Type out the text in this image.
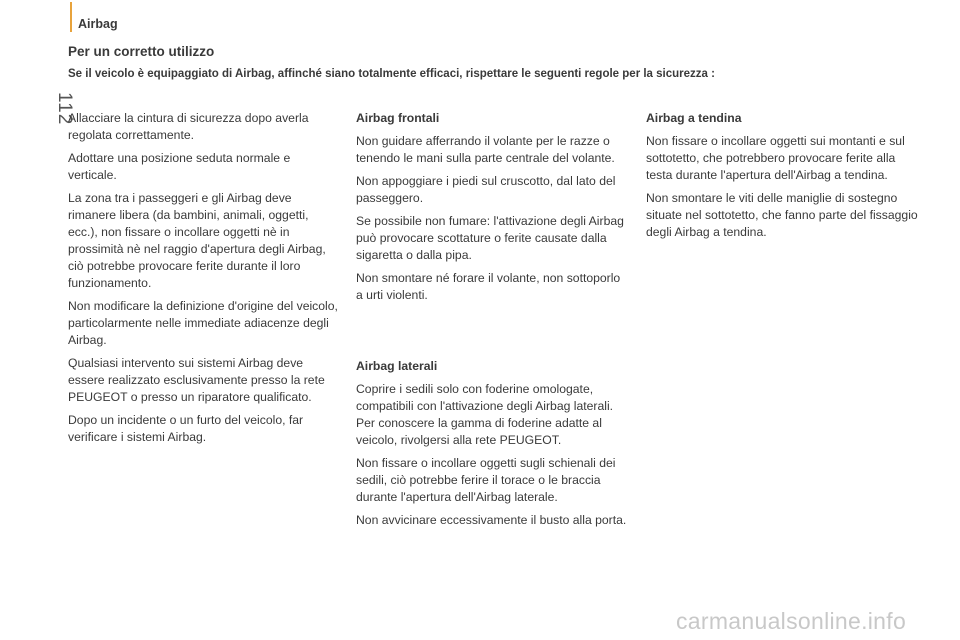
Airbag
112
Per un corretto utilizzo
Se il veicolo è equipaggiato di Airbag, affinché siano totalmente efficaci, rispettare le seguenti regole per la sicurezza :

Allacciare la cintura di sicurezza dopo averla regolata correttamente.

Adottare una posizione seduta normale e verticale.

La zona tra i passeggeri e gli Airbag deve rimanere libera (da bambini, animali, oggetti, ecc.), non fissare o incollare oggetti nè in prossimità nè nel raggio d'apertura degli Airbag, ciò potrebbe provocare ferite durante il loro funzionamento.

Non modificare la definizione d'origine del veicolo, particolarmente nelle immediate adiacenze degli Airbag.

Qualsiasi intervento sui sistemi Airbag deve essere realizzato esclusivamente presso la rete PEUGEOT o presso un riparatore qualificato.

Dopo un incidente o un furto del veicolo, far verificare i sistemi Airbag.

Airbag frontali

Non guidare afferrando il volante per le razze o tenendo le mani sulla parte centrale del volante.

Non appoggiare i piedi sul cruscotto, dal lato del passeggero.

Se possibile non fumare: l'attivazione degli Airbag può provocare scottature o ferite causate dalla sigaretta o dalla pipa.

Non smontare né forare il volante, non sottoporlo a urti violenti.

Airbag laterali

Coprire i sedili solo con foderine omologate, compatibili con l'attivazione degli Airbag laterali. Per conoscere la gamma di foderine adatte al veicolo, rivolgersi alla rete PEUGEOT.

Non fissare o incollare oggetti sugli schienali dei sedili, ciò potrebbe ferire il torace o le braccia durante l'apertura dell'Airbag laterale.

Non avvicinare eccessivamente il busto alla porta.

Airbag a tendina

Non fissare o incollare oggetti sui montanti e sul sottotetto, che potrebbero provocare ferite alla testa durante l'apertura dell'Airbag a tendina.

Non smontare le viti delle maniglie di sostegno situate nel sottotetto, che fanno parte del fissaggio degli Airbag a tendina.

carmanualsonline.info
